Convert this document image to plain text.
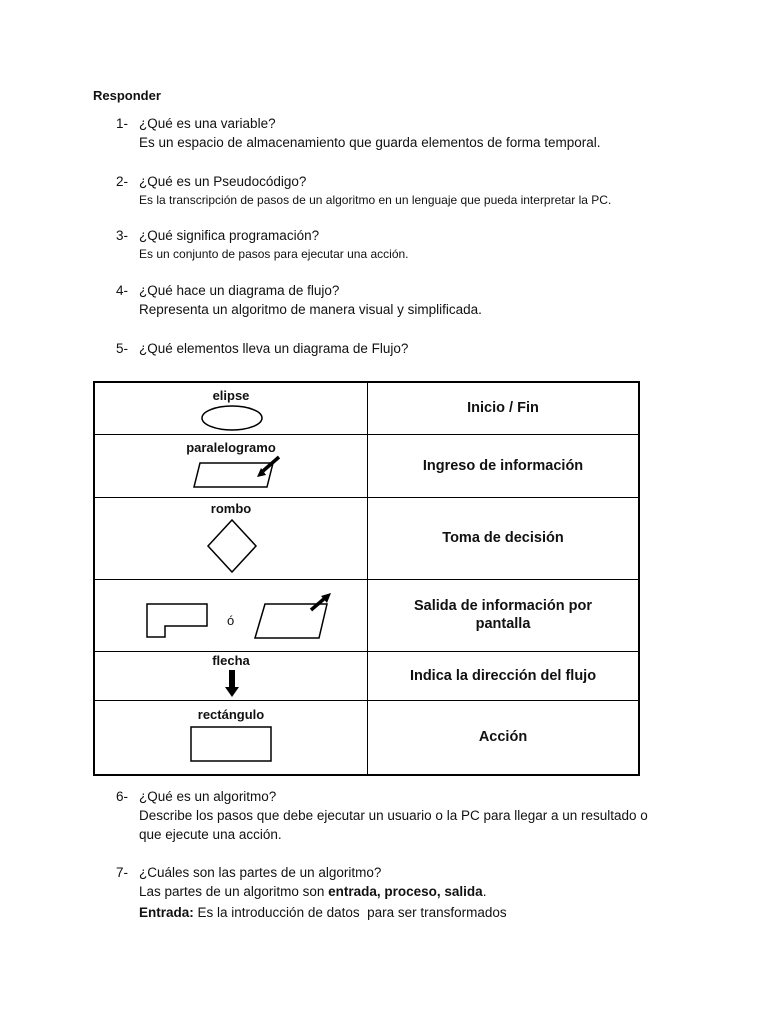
Responder
1- ¿Qué es una variable?
Es un espacio de almacenamiento que guarda elementos de forma temporal.
2- ¿Qué es un Pseudocódigo?
Es la transcripción de pasos de un algoritmo en un lenguaje que pueda interpretar la PC.
3- ¿Qué significa programación?
Es un conjunto de pasos para ejecutar una acción.
4- ¿Qué hace un diagrama de flujo?
Representa un algoritmo de manera visual y simplificada.
5- ¿Qué elementos lleva un diagrama de Flujo?
elipse	Inicio / Fin

paralelogramo	Ingreso de información

rombo	Toma de decisión

ó	Salida de información por
pantalla

flecha	Indica la dirección del flujo

rectángulo	Acción
6- ¿Qué es un algoritmo?
Describe los pasos que debe ejecutar un usuario o la PC para llegar a un resultado o
que ejecute una acción.
7- ¿Cuáles son las partes de un algoritmo?
Las partes de un algoritmo son entrada, proceso, salida.
Entrada: Es la introducción de datos  para ser transformados
